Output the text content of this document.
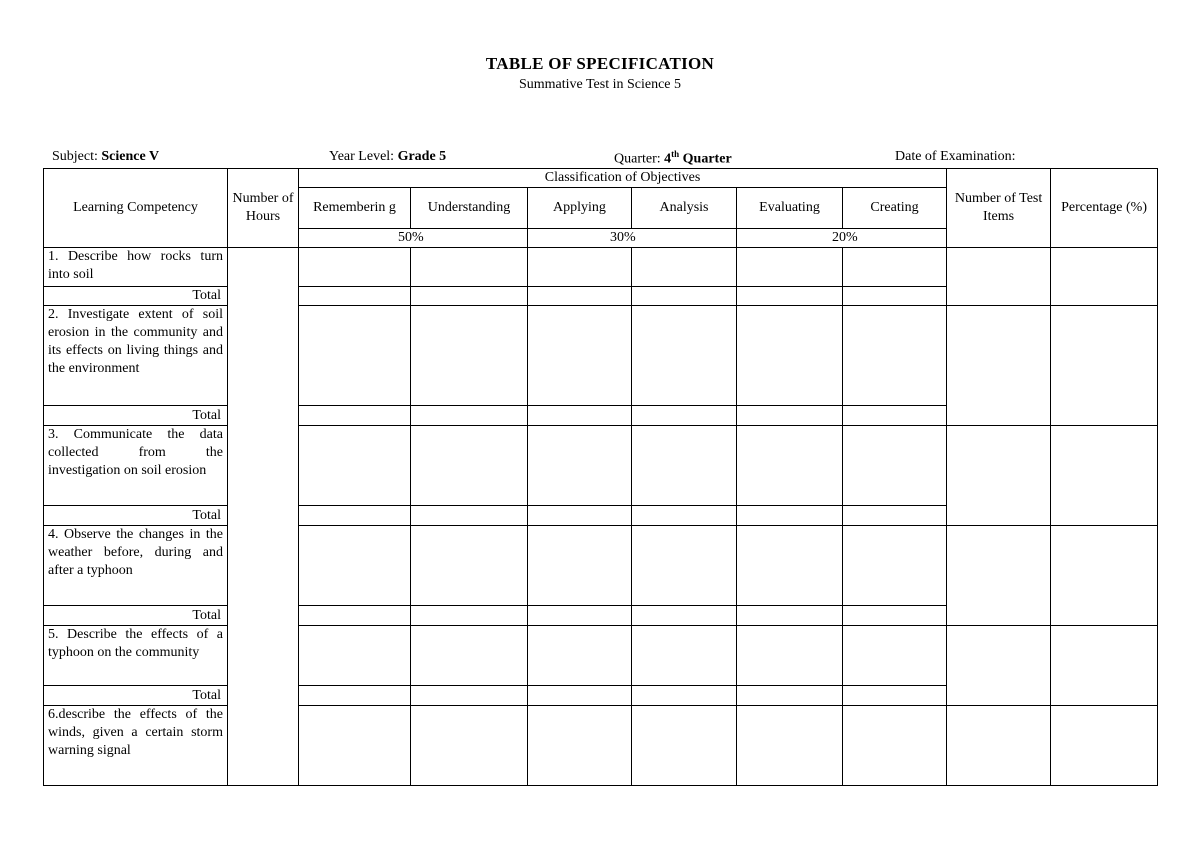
TABLE OF SPECIFICATION
Summative Test in Science 5
Subject: Science V	Year Level: Grade 5	Quarter: 4th Quarter	Date of Examination:
Learning Competency	Number of Hours	Classification of Objectives						Number of Test Items	Percentage (%)
		Rememberin g	Understanding	Applying	Analysis	Evaluating	Creating		

		50%		30%		20%			

1. Describe how rocks turn into soil									
Total									
2. Investigate extent of soil erosion in the community and its effects on living things and the environment									
Total									
3. Communicate the data collected from the investigation on soil erosion									
Total									
4. Observe the changes in the weather before, during and after a typhoon									
Total									
5. Describe the effects of a typhoon on the community									
Total									
6.describe the effects of the winds, given a certain storm warning signal									
